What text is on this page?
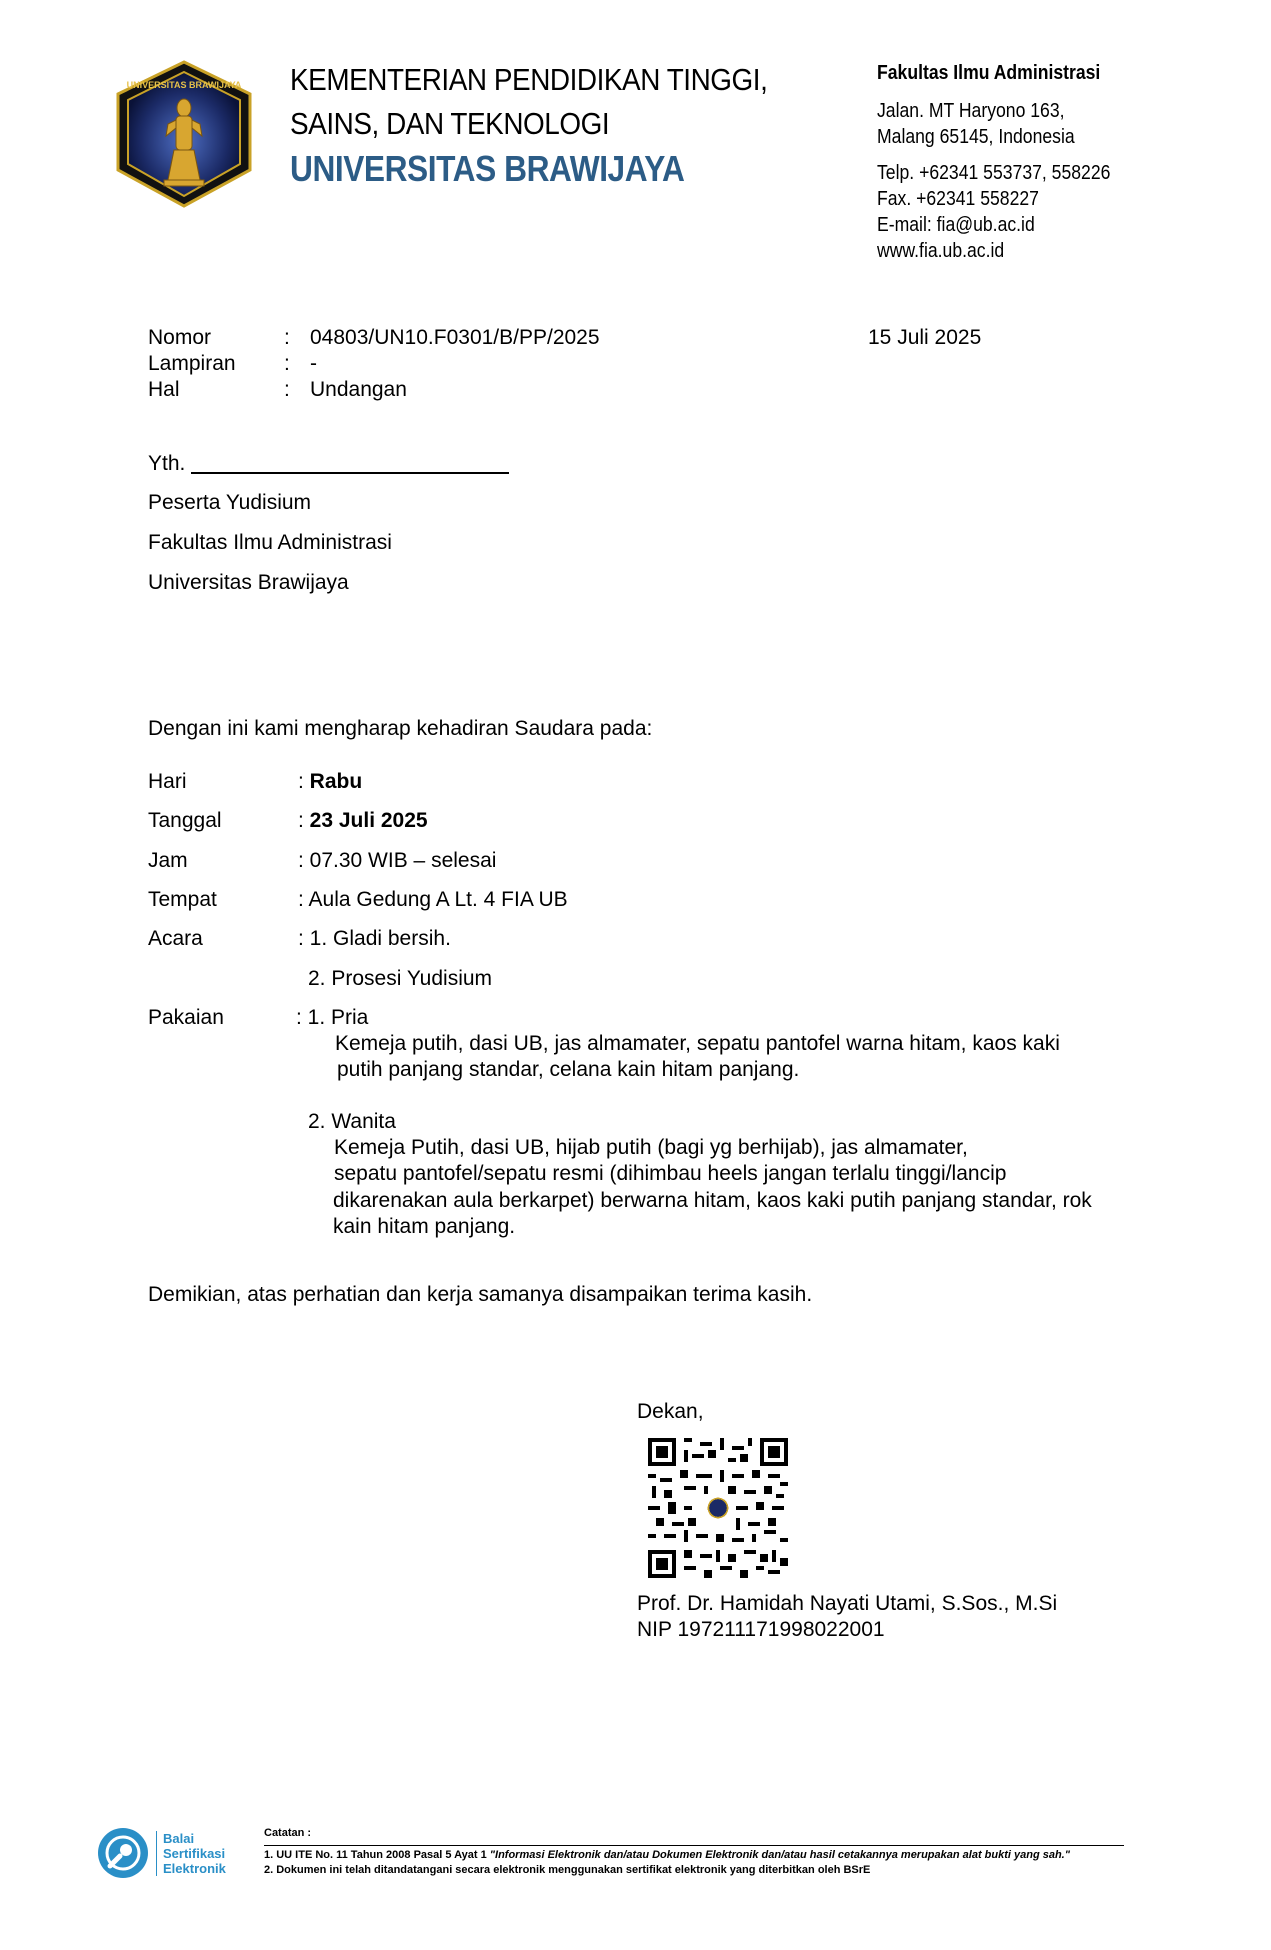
UNIVERSITAS BRAWIJAYA KEMENTERIAN PENDIDIKAN TINGGI,
SAINS, DAN TEKNOLOGI
UNIVERSITAS BRAWIJAYA
Fakultas Ilmu Administrasi
Jalan. MT Haryono 163,
Malang 65145, Indonesia
Telp. +62341 553737, 558226
Fax. +62341 558227
E-mail: fia@ub.ac.id
www.fia.ub.ac.id
Nomor	: 04803/UN10.F0301/B/PP/2025	15 Juli 2025
Lampiran : -
Hal	: Undangan
Yth.
Peserta Yudisium
Fakultas Ilmu Administrasi
Universitas Brawijaya
Dengan ini kami mengharap kehadiran Saudara pada:
Hari	: Rabu
Tanggal	: 23 Juli 2025
Jam	: 07.30 WIB – selesai
Tempat	: Aula Gedung A Lt. 4 FIA UB
Acara	: 1. Gladi bersih.
2. Prosesi Yudisium
Pakaian	: 1. Pria
Kemeja putih, dasi UB, jas almamater, sepatu pantofel warna hitam, kaos kaki
putih panjang standar, celana kain hitam panjang.
2. Wanita
Kemeja Putih, dasi UB, hijab putih (bagi yg berhijab), jas almamater,
sepatu pantofel/sepatu resmi (dihimbau heels jangan terlalu tinggi/lancip
dikarenakan aula berkarpet) berwarna hitam, kaos kaki putih panjang standar, rok
kain hitam panjang.
Demikian, atas perhatian dan kerja samanya disampaikan terima kasih.
Dekan,
Prof. Dr. Hamidah Nayati Utami, S.Sos., M.Si
NIP 197211171998022001
Balai
Sertifikasi
Elektronik
Catatan :
1. UU ITE No. 11 Tahun 2008 Pasal 5 Ayat 1 "Informasi Elektronik dan/atau Dokumen Elektronik dan/atau hasil cetakannya merupakan alat bukti yang sah."
2. Dokumen ini telah ditandatangani secara elektronik menggunakan sertifikat elektronik yang diterbitkan oleh BSrE
